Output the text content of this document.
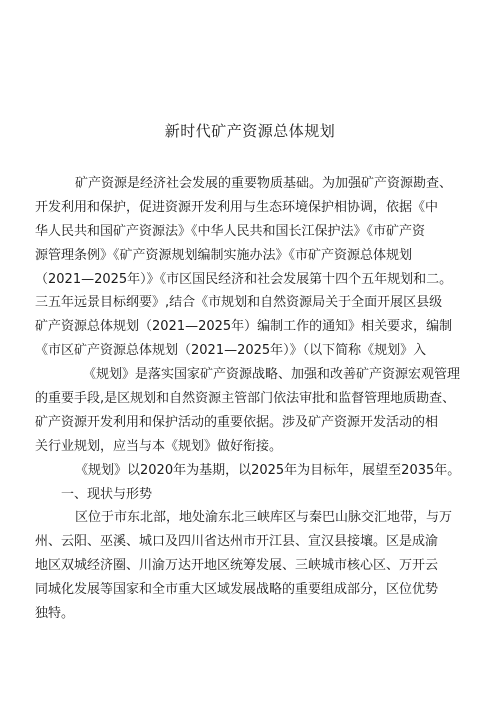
新时代矿产资源总体规划
矿产资源是经济社会发展的重要物质基础。为加强矿产资源勘查、
开发利用和保护，促进资源开发利用与生态环境保护相协调，依据《中
华人民共和国矿产资源法》《中华人民共和国长江保护法》《市矿产资
源管理条例》《矿产资源规划编制实施办法》《市矿产资源总体规划
（2021—2025年）》《市区国民经济和社会发展第十四个五年规划和二。
三五年远景目标纲要》,结合《市规划和自然资源局关于全面开展区县级
矿产资源总体规划（2021—2025年）编制工作的通知》相关要求，编制
《市区矿产资源总体规划（2021—2025年）》（以下简称《规划》入
《规划》是落实国家矿产资源战略、加强和改善矿产资源宏观管理
的重要手段,是区规划和自然资源主管部门依法审批和监督管理地质勘查、
矿产资源开发利用和保护活动的重要依据。涉及矿产资源开发活动的相
关行业规划，应当与本《规划》做好衔接。
《规划》以2020年为基期，以2025年为目标年，展望至2035年。
一、现状与形势
区位于市东北部，地处渝东北三峡库区与秦巴山脉交汇地带，与万
州、云阳、巫溪、城口及四川省达州市开江县、宣汉县接壤。区是成渝
地区双城经济圈、川渝万达开地区统筹发展、三峡城市核心区、万开云
同城化发展等国家和全市重大区域发展战略的重要组成部分，区位优势
独特。
